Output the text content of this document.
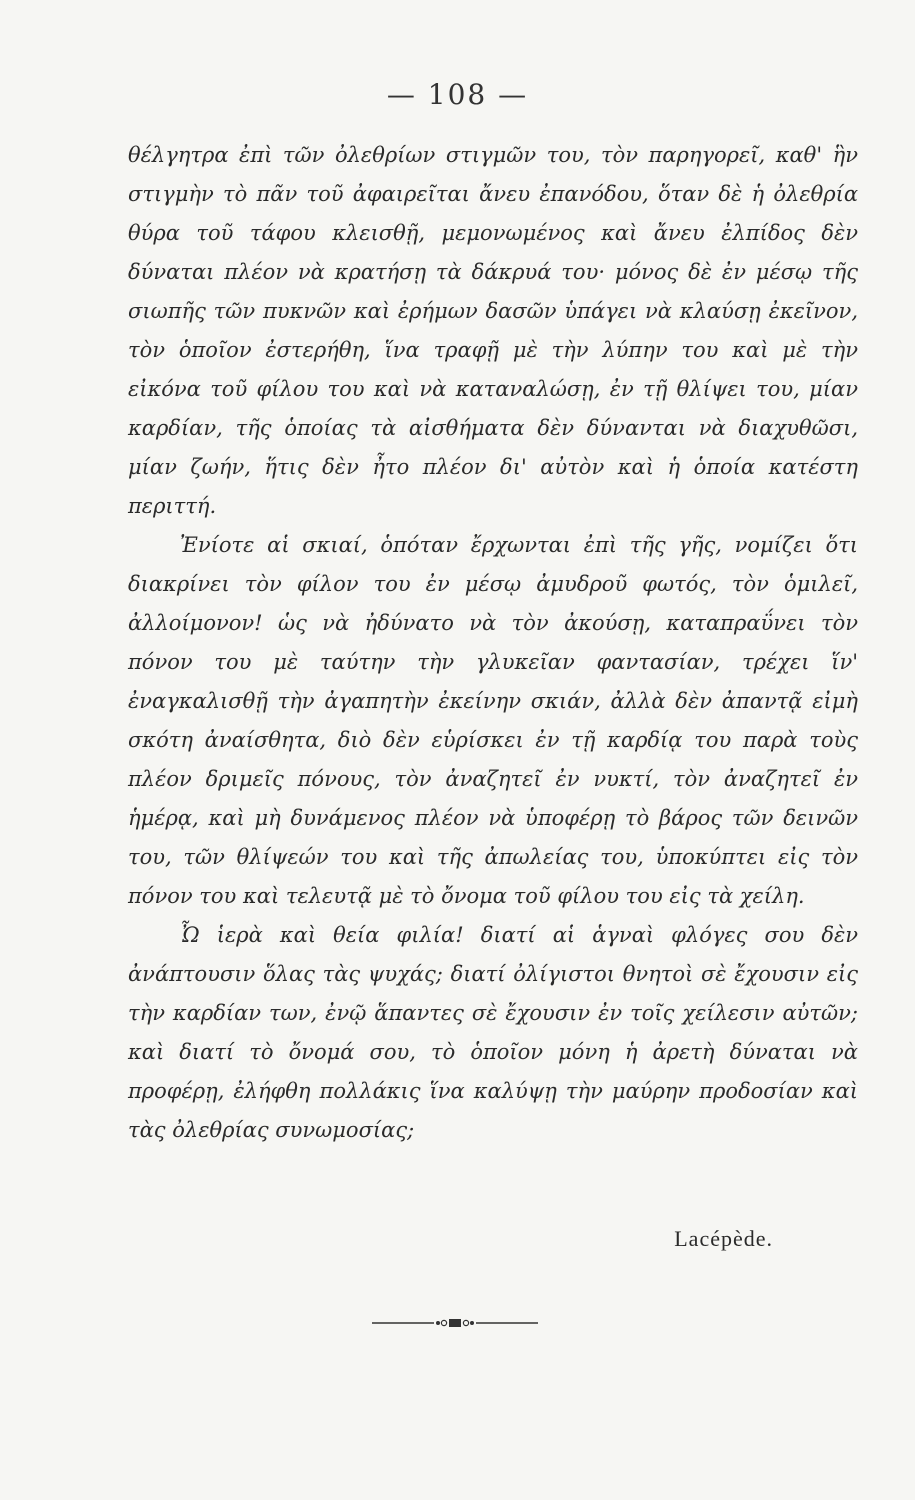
— 108 —

θέλγητρα ἐπὶ τῶν ὀλεθρίων στιγμῶν του, τὸν παρηγορεῖ, καθ' ἣν στιγμὴν τὸ πᾶν τοῦ ἀφαιρεῖται ἄνευ ἐπανόδου, ὅταν δὲ ἡ ὀλεθρία θύρα τοῦ τάφου κλεισθῇ, μεμονωμένος καὶ ἄνευ ἐλπίδος δὲν δύναται πλέον νὰ κρατήσῃ τὰ δάκρυά του· μόνος δὲ ἐν μέσῳ τῆς σιωπῆς τῶν πυκνῶν καὶ ἐρήμων δασῶν ὑπάγει νὰ κλαύσῃ ἐκεῖνον, τὸν ὁποῖον ἐστερήθη, ἵνα τραφῇ μὲ τὴν λύπην του καὶ μὲ τὴν εἰκόνα τοῦ φίλου του καὶ νὰ καταναλώσῃ, ἐν τῇ θλίψει του, μίαν καρδίαν, τῆς ὁποίας τὰ αἰσθήματα δὲν δύνανται νὰ διαχυθῶσι, μίαν ζωήν, ἥτις δὲν ἦτο πλέον δι' αὐτὸν καὶ ἡ ὁποία κατέστη περιττή.

Ἐνίοτε αἱ σκιαί, ὁπόταν ἔρχωνται ἐπὶ τῆς γῆς, νομίζει ὅτι διακρίνει τὸν φίλον του ἐν μέσῳ ἀμυδροῦ φωτός, τὸν ὁμιλεῖ, ἀλλοίμονον! ὡς νὰ ἠδύνατο νὰ τὸν ἀκούσῃ, καταπραΰνει τὸν πόνον του μὲ ταύτην τὴν γλυκεῖαν φαντασίαν, τρέχει ἵν' ἐναγκαλισθῇ τὴν ἀγαπητὴν ἐκείνην σκιάν, ἀλλὰ δὲν ἀπαντᾷ εἰμὴ σκότη ἀναίσθητα, διὸ δὲν εὑρίσκει ἐν τῇ καρδίᾳ του παρὰ τοὺς πλέον δριμεῖς πόνους, τὸν ἀναζητεῖ ἐν νυκτί, τὸν ἀναζητεῖ ἐν ἡμέρᾳ, καὶ μὴ δυνάμενος πλέον νὰ ὑποφέρῃ τὸ βάρος τῶν δεινῶν του, τῶν θλίψεών του καὶ τῆς ἀπωλείας του, ὑποκύπτει εἰς τὸν πόνον του καὶ τελευτᾷ μὲ τὸ ὄνομα τοῦ φίλου του εἰς τὰ χείλη.

Ὦ ἱερὰ καὶ θεία φιλία! διατί αἱ ἁγναὶ φλόγες σου δὲν ἀνάπτουσιν ὅλας τὰς ψυχάς; διατί ὀλίγιστοι θνητοὶ σὲ ἔχουσιν εἰς τὴν καρδίαν των, ἐνῷ ἅπαντες σὲ ἔχουσιν ἐν τοῖς χείλεσιν αὐτῶν; καὶ διατί τὸ ὄνομά σου, τὸ ὁποῖον μόνη ἡ ἀρετὴ δύναται νὰ προφέρῃ, ἐλήφθη πολλάκις ἵνα καλύψῃ τὴν μαύρην προδοσίαν καὶ τὰς ὀλεθρίας συνωμοσίας;

Lacépède.
